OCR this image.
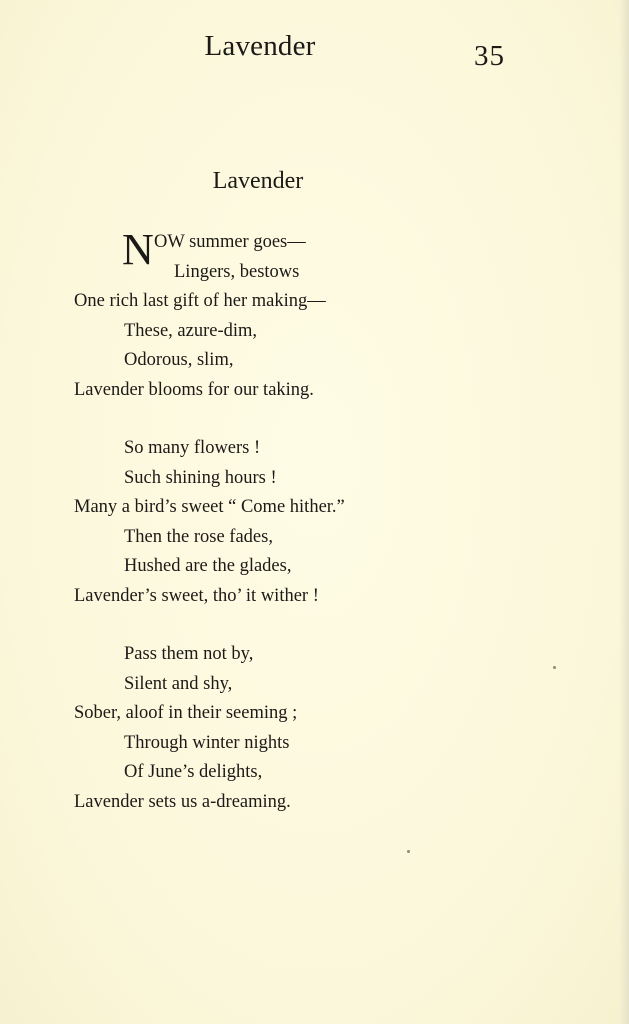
Lavender	35
Lavender
N OW summer goes—
Lingers, bestows
One rich last gift of her making—
These, azure-dim,
Odorous, slim,
Lavender blooms for our taking.
So many flowers !
Such shining hours !
Many a bird’s sweet “ Come hither.”
Then the rose fades,
Hushed are the glades,
Lavender’s sweet, tho’ it wither !
Pass them not by,
Silent and shy,
Sober, aloof in their seeming ;
Through winter nights
Of June’s delights,
Lavender sets us a-dreaming.
